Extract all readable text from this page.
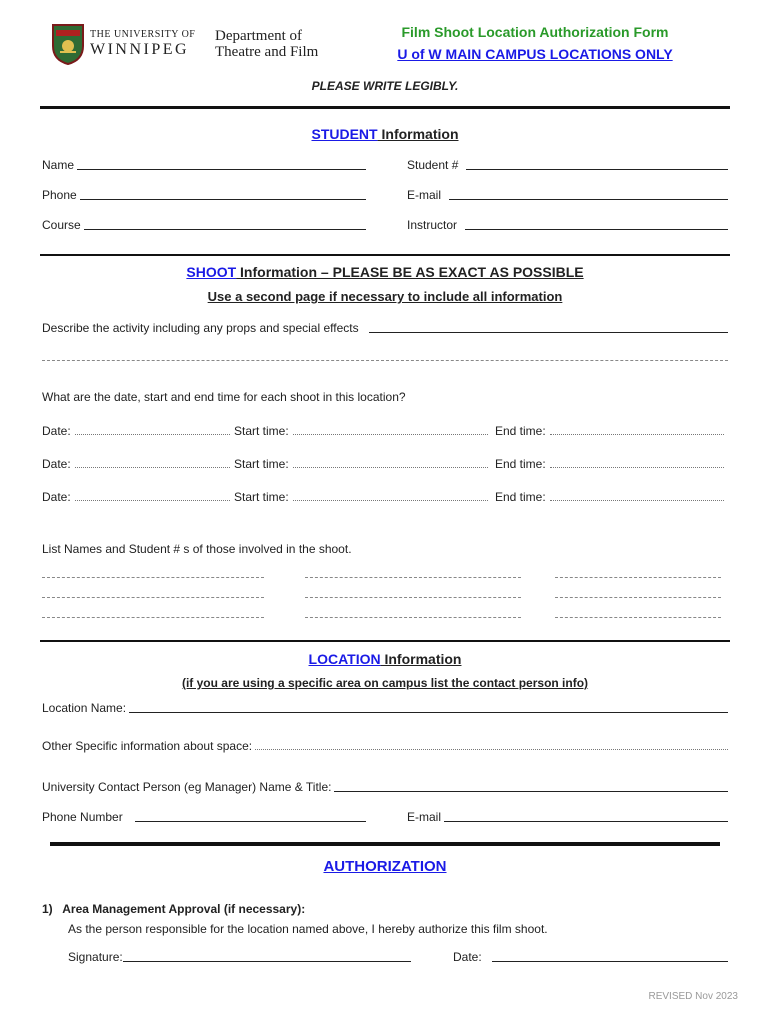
THE UNIVERSITY OF
WINNIPEG
Department of
Theatre and Film
Film Shoot Location Authorization Form
U of W MAIN CAMPUS LOCATIONS ONLY
PLEASE WRITE LEGIBLY.
STUDENT Information
Name	Student #
Phone	E-mail
Course	Instructor
SHOOT Information – PLEASE BE AS EXACT AS POSSIBLE
Use a second page if necessary to include all information
Describe the activity including any props and special effects
What are the date, start and end time for each shoot in this location?
Date:	Start time:	End time:
Date:	Start time:	End time:
Date:	Start time:	End time:
List Names and Student # s of those involved in the shoot.
LOCATION Information
(if you are using a specific area on campus list the contact person info)
Location Name:
Other Specific information about space:
University Contact Person (eg Manager) Name & Title:
Phone Number	E-mail
AUTHORIZATION
1)   Area Management Approval (if necessary):
As the person responsible for the location named above, I hereby authorize this film shoot.
Signature:	Date:
REVISED Nov 2023
